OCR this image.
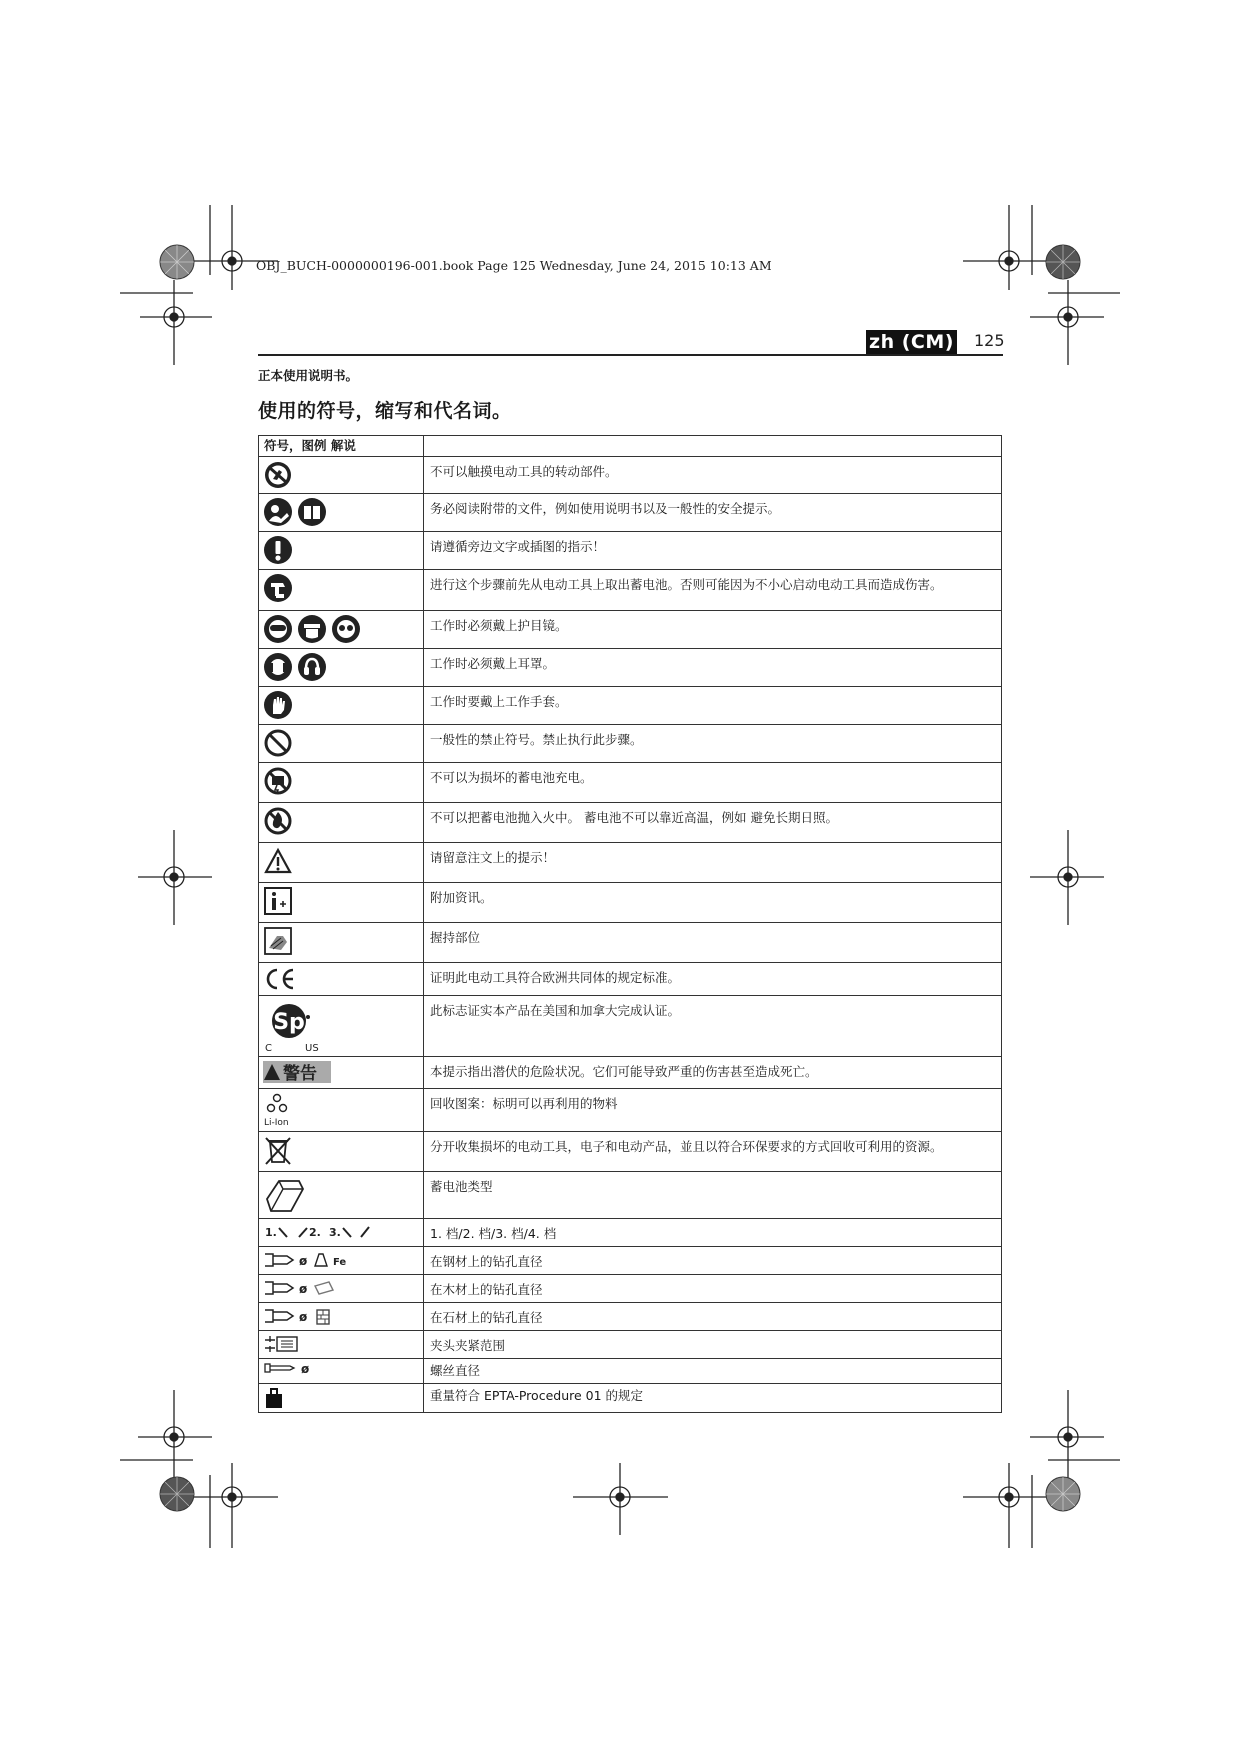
OBJ_BUCH-0000000196-001.book Page 125 Wednesday, June 24, 2015 10:13 AM
zh (CM) 125
正本使用说明书。
使用的符号，缩写和代名词。
符号，图例 解说	

	不可以触摸电动工具的转动部件。

	务必阅读附带的文件，例如使用说明书以及一般性的安全提示。

	请遵循旁边文字或插图的指示！

	进行这个步骤前先从电动工具上取出蓄电池。否则可能因为不小心启动电动工具而造成伤害。

	工作时必须戴上护目镜。

	工作时必须戴上耳罩。

	工作时要戴上工作手套。

	一般性的禁止符号。禁止执行此步骤。

	不可以为损坏的蓄电池充电。

	不可以把蓄电池抛入火中。 蓄电池不可以靠近高温，例如 避免长期日照。

	请留意注文上的提示！

	附加资讯。

	握持部位

	证明此电动工具符合欧洲共同体的规定标准。

Sp
C US	此标志证实本产品在美国和加拿大完成认证。

警告	本提示指出潜伏的危险状况。它们可能导致严重的伤害甚至造成死亡。

Li-Ion	回收图案：标明可以再利用的物料

	分开收集损坏的电动工具，电子和电动产品，並且以符合环保要求的方式回收可利用的资源。

	蓄电池类型

1. 2. 3.	1. 档/2. 档/3. 档/4. 档

ø Fe	在钢材上的钻孔直径

ø	在木材上的钻孔直径

ø	在石材上的钻孔直径

	夹头夹紧范围

ø	螺丝直径

	重量符合 EPTA-Procedure 01 的规定
